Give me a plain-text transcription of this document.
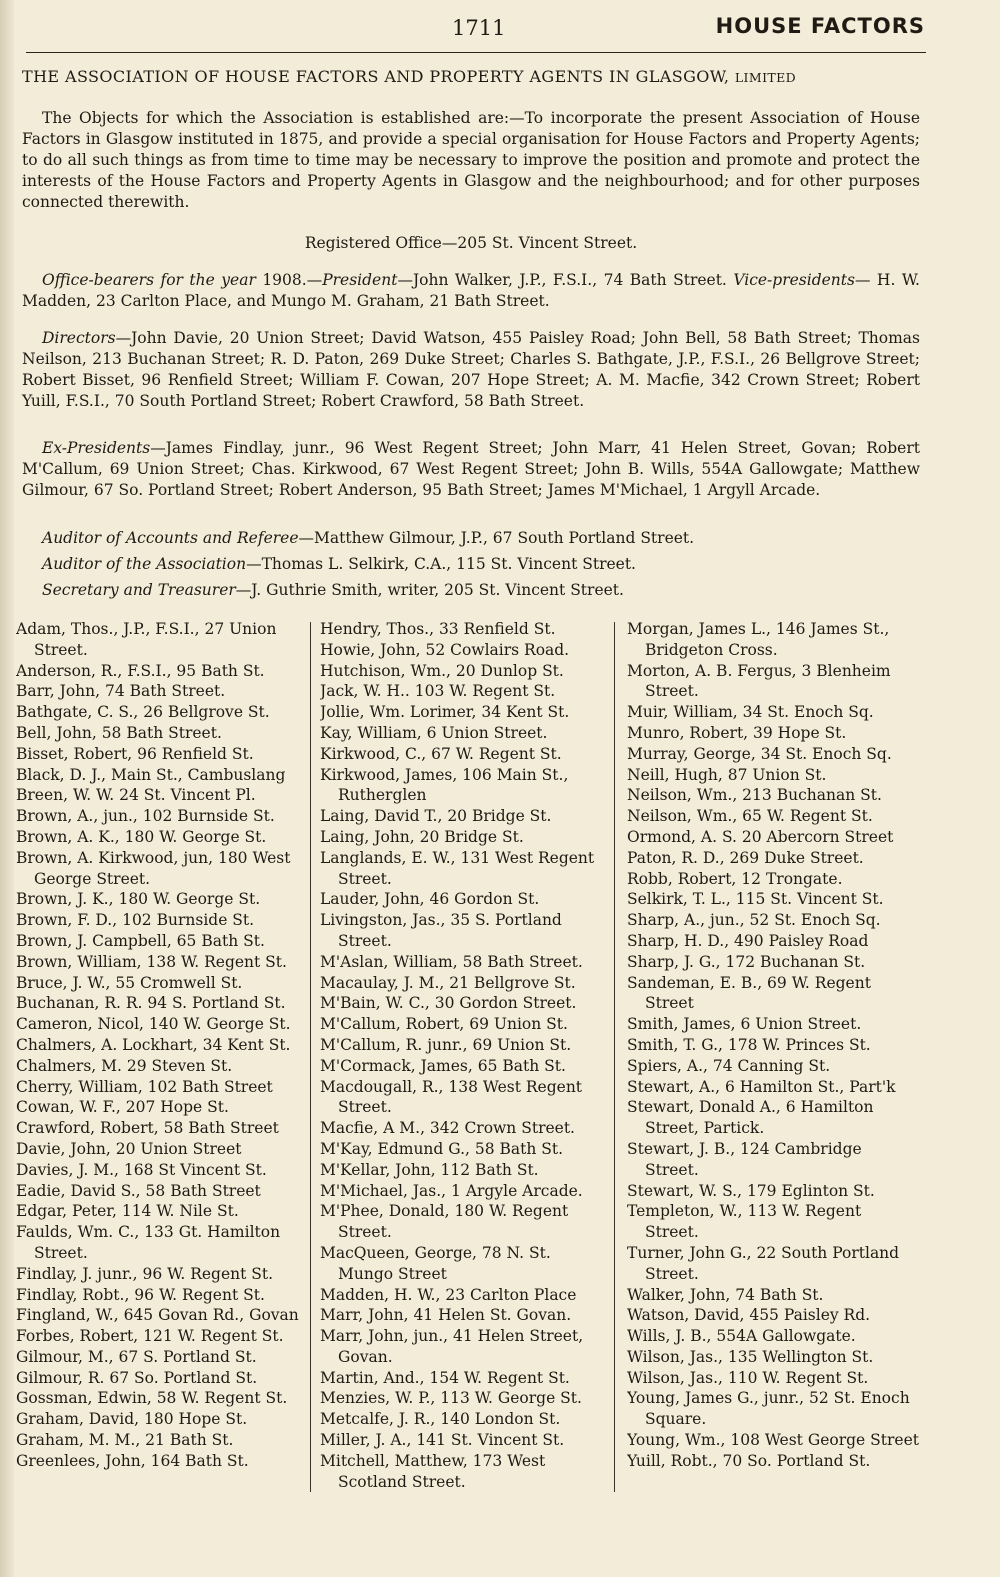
1711	HOUSE FACTORS
THE ASSOCIATION OF HOUSE FACTORS AND PROPERTY AGENTS IN GLASGOW, LIMITED

The Objects for which the Association is established are:—To incorporate the present Association of House Factors in Glasgow instituted in 1875, and provide a special organisation for House Factors and Property Agents; to do all such things as from time to time may be necessary to improve the position and promote and protect the interests of the House Factors and Property Agents in Glasgow and the neighbourhood; and for other purposes connected therewith.

Registered Office—205 St. Vincent Street.

Office-bearers for the year 1908.—President—John Walker, J.P., F.S.I., 74 Bath Street. Vice-presidents— H. W. Madden, 23 Carlton Place, and Mungo M. Graham, 21 Bath Street.

Directors—John Davie, 20 Union Street; David Watson, 455 Paisley Road; John Bell, 58 Bath Street; Thomas Neilson, 213 Buchanan Street; R. D. Paton, 269 Duke Street; Charles S. Bathgate, J.P., F.S.I., 26 Bellgrove Street; Robert Bisset, 96 Renfield Street; William F. Cowan, 207 Hope Street; A. M. Macfie, 342 Crown Street; Robert Yuill, F.S.I., 70 South Portland Street; Robert Crawford, 58 Bath Street.

Ex-Presidents—James Findlay, junr., 96 West Regent Street; John Marr, 41 Helen Street, Govan; Robert M'Callum, 69 Union Street; Chas. Kirkwood, 67 West Regent Street; John B. Wills, 554A Gallowgate; Matthew Gilmour, 67 So. Portland Street; Robert Anderson, 95 Bath Street; James M'Michael, 1 Argyll Arcade.

Auditor of Accounts and Referee—Matthew Gilmour, J.P., 67 South Portland Street.

Auditor of the Association—Thomas L. Selkirk, C.A., 115 St. Vincent Street.

Secretary and Treasurer—J. Guthrie Smith, writer, 205 St. Vincent Street.

Adam, Thos., J.P., F.S.I., 27 Union Street.
Anderson, R., F.S.I., 95 Bath St.
Barr, John, 74 Bath Street.
Bathgate, C. S., 26 Bellgrove St.
Bell, John, 58 Bath Street.
Bisset, Robert, 96 Renfield St.
Black, D. J., Main St., Cambuslang
Breen, W. W. 24 St. Vincent Pl.
Brown, A., jun., 102 Burnside St.
Brown, A. K., 180 W. George St.
Brown, A. Kirkwood, jun, 180 West George Street.
Brown, J. K., 180 W. George St.
Brown, F. D., 102 Burnside St.
Brown, J. Campbell, 65 Bath St.
Brown, William, 138 W. Regent St.
Bruce, J. W., 55 Cromwell St.
Buchanan, R. R. 94 S. Portland St.
Cameron, Nicol, 140 W. George St.
Chalmers, A. Lockhart, 34 Kent St.
Chalmers, M. 29 Steven St.
Cherry, William, 102 Bath Street
Cowan, W. F., 207 Hope St.
Crawford, Robert, 58 Bath Street
Davie, John, 20 Union Street
Davies, J. M., 168 St Vincent St.
Eadie, David S., 58 Bath Street
Edgar, Peter, 114 W. Nile St.
Faulds, Wm. C., 133 Gt. Hamilton Street.
Findlay, J. junr., 96 W. Regent St.
Findlay, Robt., 96 W. Regent St.
Fingland, W., 645 Govan Rd., Govan
Forbes, Robert, 121 W. Regent St.
Gilmour, M., 67 S. Portland St.
Gilmour, R. 67 So. Portland St.
Gossman, Edwin, 58 W. Regent St.
Graham, David, 180 Hope St.
Graham, M. M., 21 Bath St.
Greenlees, John, 164 Bath St.
Hendry, Thos., 33 Renfield St.
Howie, John, 52 Cowlairs Road.
Hutchison, Wm., 20 Dunlop St.
Jack, W. H.. 103 W. Regent St.
Jollie, Wm. Lorimer, 34 Kent St.
Kay, William, 6 Union Street.
Kirkwood, C., 67 W. Regent St.
Kirkwood, James, 106 Main St., Rutherglen
Laing, David T., 20 Bridge St.
Laing, John, 20 Bridge St.
Langlands, E. W., 131 West Regent Street.
Lauder, John, 46 Gordon St.
Livingston, Jas., 35 S. Portland Street.
M'Aslan, William, 58 Bath Street.
Macaulay, J. M., 21 Bellgrove St.
M'Bain, W. C., 30 Gordon Street.
M'Callum, Robert, 69 Union St.
M'Callum, R. junr., 69 Union St.
M'Cormack, James, 65 Bath St.
Macdougall, R., 138 West Regent Street.
Macfie, A M., 342 Crown Street.
M'Kay, Edmund G., 58 Bath St.
M'Kellar, John, 112 Bath St.
M'Michael, Jas., 1 Argyle Arcade.
M'Phee, Donald, 180 W. Regent Street.
MacQueen, George, 78 N. St. Mungo Street
Madden, H. W., 23 Carlton Place
Marr, John, 41 Helen St. Govan.
Marr, John, jun., 41 Helen Street, Govan.
Martin, And., 154 W. Regent St.
Menzies, W. P., 113 W. George St.
Metcalfe, J. R., 140 London St.
Miller, J. A., 141 St. Vincent St.
Mitchell, Matthew, 173 West Scotland Street.
Morgan, James L., 146 James St., Bridgeton Cross.
Morton, A. B. Fergus, 3 Blenheim Street.
Muir, William, 34 St. Enoch Sq.
Munro, Robert, 39 Hope St.
Murray, George, 34 St. Enoch Sq.
Neill, Hugh, 87 Union St.
Neilson, Wm., 213 Buchanan St.
Neilson, Wm., 65 W. Regent St.
Ormond, A. S. 20 Abercorn Street
Paton, R. D., 269 Duke Street.
Robb, Robert, 12 Trongate.
Selkirk, T. L., 115 St. Vincent St.
Sharp, A., jun., 52 St. Enoch Sq.
Sharp, H. D., 490 Paisley Road
Sharp, J. G., 172 Buchanan St.
Sandeman, E. B., 69 W. Regent Street
Smith, James, 6 Union Street.
Smith, T. G., 178 W. Princes St.
Spiers, A., 74 Canning St.
Stewart, A., 6 Hamilton St., Part'k
Stewart, Donald A., 6 Hamilton Street, Partick.
Stewart, J. B., 124 Cambridge Street.
Stewart, W. S., 179 Eglinton St.
Templeton, W., 113 W. Regent Street.
Turner, John G., 22 South Portland Street.
Walker, John, 74 Bath St.
Watson, David, 455 Paisley Rd.
Wills, J. B., 554A Gallowgate.
Wilson, Jas., 135 Wellington St.
Wilson, Jas., 110 W. Regent St.
Young, James G., junr., 52 St. Enoch Square.
Young, Wm., 108 West George Street
Yuill, Robt., 70 So. Portland St.
